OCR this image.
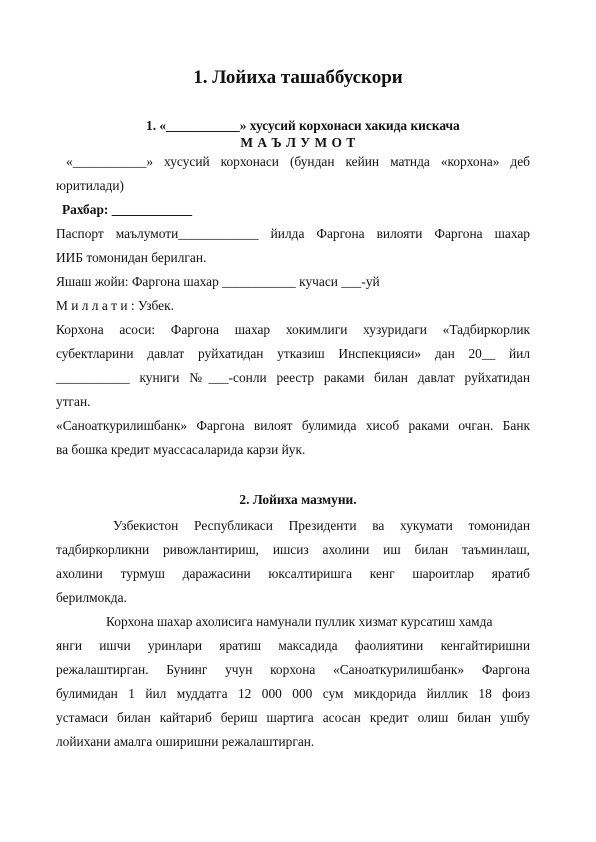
1. Лойиха ташаббускори
1. «___________» хусусий корхонаси хакида кискача
М А Ъ Л У М О Т
«___________» хусусий корхонаси (бундан кейин матнда «корхона» деб
юритилади)
Рахбар: ____________
Паспорт маълумоти____________ йилда Фаргона вилояти Фаргона шахар
ИИБ томонидан берилган.
Яшаш жойи: Фаргона шахар ___________ кучаси ___-уй
М и л л а т и : Узбек.
Корхона асоси: Фаргона шахар хокимлиги хузуридаги «Тадбиркорлик
субектларини давлат руйхатидан утказиш Инспекцияси» дан 20__ йил
___________ куниги №___-сонли реестр раками билан давлат руйхатидан
утган.
«Саноаткурилишбанк» Фаргона вилоят булимида хисоб раками очган. Банк
ва бошка кредит муассасаларида карзи йук.
2. Лойиха мазмуни.
Узбекистон Республикаси Президенти ва хукумати томонидан
тадбиркорликни ривожлантириш, ишсиз ахолини иш билан таъминлаш,
ахолини турмуш даражасини юксалтиришга кенг шароитлар яратиб
берилмокда.
Корхона шахар ахолисига намунали пуллик хизмат курсатиш хамда
янги ишчи уринлари яратиш максадида фаолиятини кенгайтиришни
режалаштирган. Бунинг учун корхона «Саноаткурилишбанк» Фаргона
булимидан 1 йил муддатга 12 000 000 сум микдорида йиллик 18 фоиз
устамаси билан кайтариб бериш шартига асосан кредит олиш билан ушбу
лойихани амалга оширишни режалаштирган.
